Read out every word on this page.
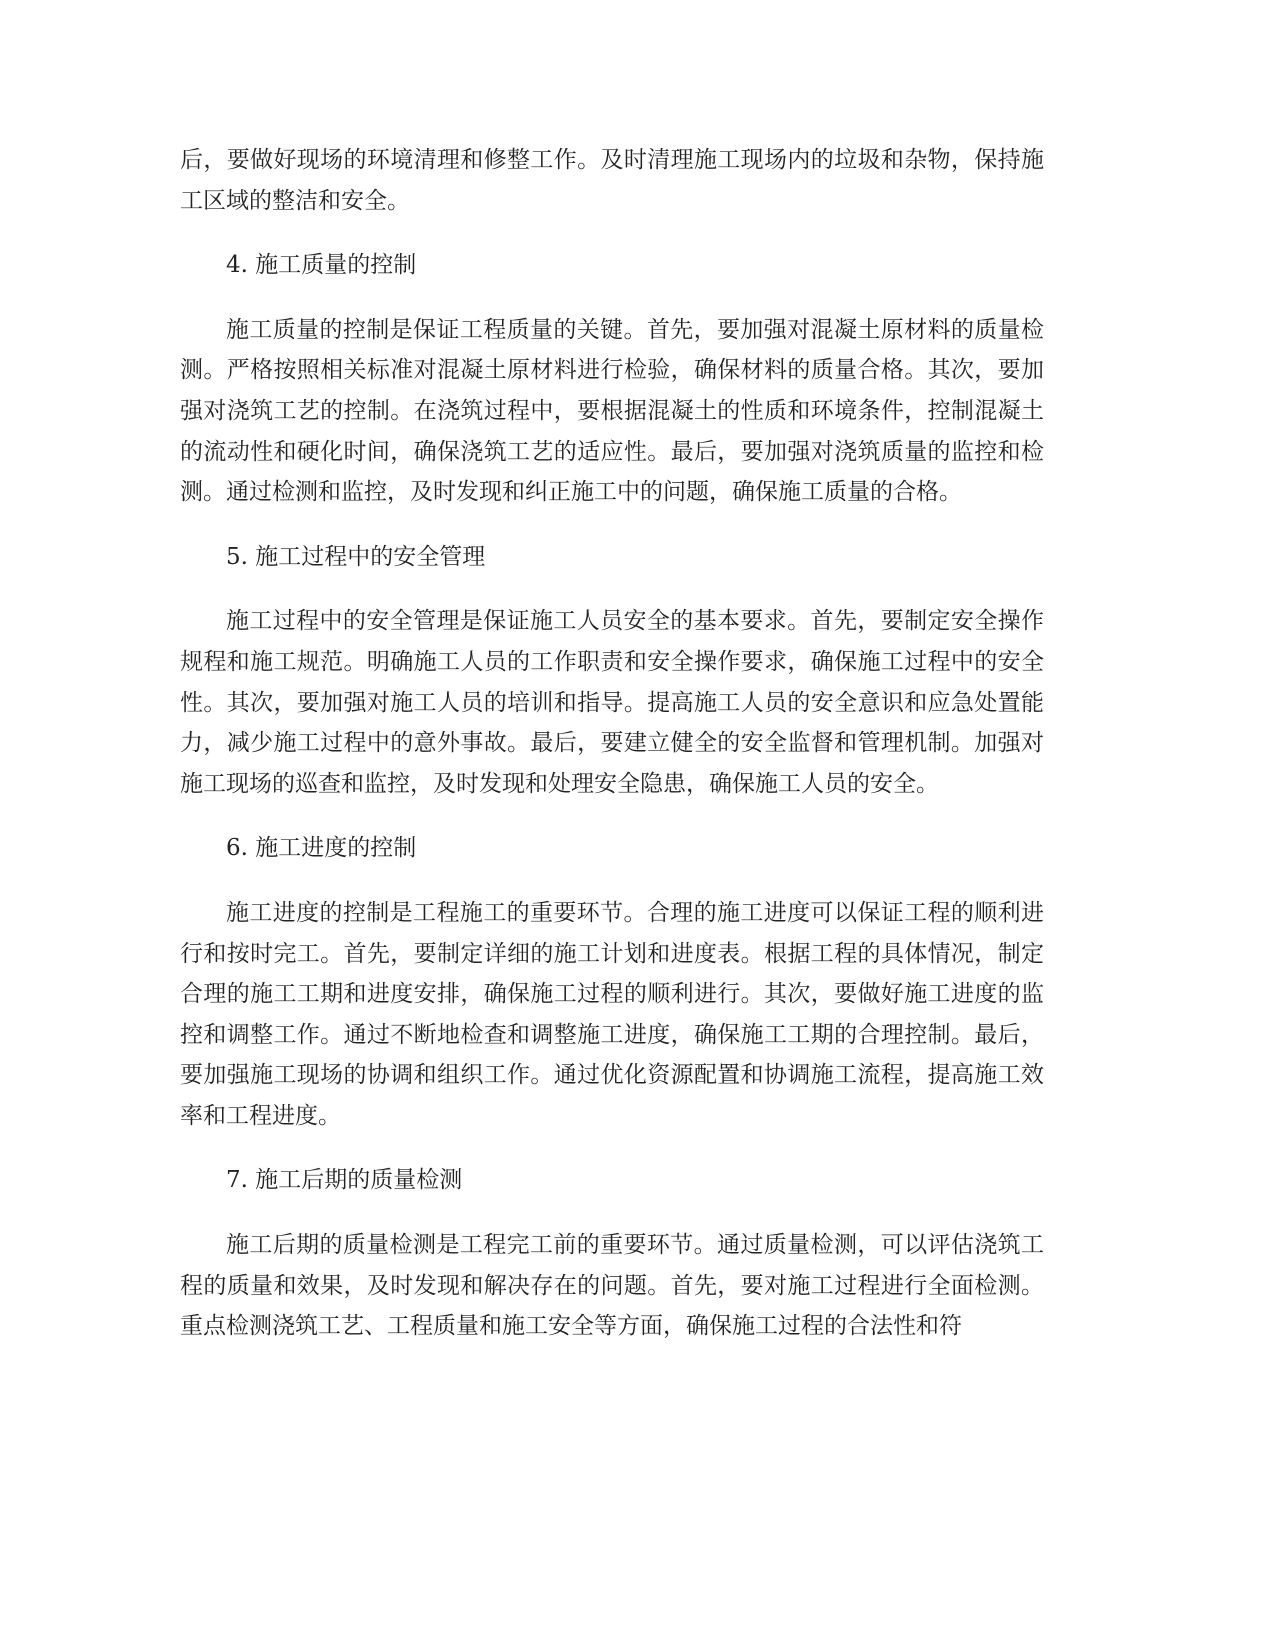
后，要做好现场的环境清理和修整工作。及时清理施工现场内的垃圾和杂物，保持施工区域的整洁和安全。

4. 施工质量的控制

施工质量的控制是保证工程质量的关键。首先，要加强对混凝土原材料的质量检测。严格按照相关标准对混凝土原材料进行检验，确保材料的质量合格。其次，要加强对浇筑工艺的控制。在浇筑过程中，要根据混凝土的性质和环境条件，控制混凝土的流动性和硬化时间，确保浇筑工艺的适应性。最后，要加强对浇筑质量的监控和检测。通过检测和监控，及时发现和纠正施工中的问题，确保施工质量的合格。

5. 施工过程中的安全管理

施工过程中的安全管理是保证施工人员安全的基本要求。首先，要制定安全操作规程和施工规范。明确施工人员的工作职责和安全操作要求，确保施工过程中的安全性。其次，要加强对施工人员的培训和指导。提高施工人员的安全意识和应急处置能力，减少施工过程中的意外事故。最后，要建立健全的安全监督和管理机制。加强对施工现场的巡查和监控，及时发现和处理安全隐患，确保施工人员的安全。

6. 施工进度的控制

施工进度的控制是工程施工的重要环节。合理的施工进度可以保证工程的顺利进行和按时完工。首先，要制定详细的施工计划和进度表。根据工程的具体情况，制定合理的施工工期和进度安排，确保施工过程的顺利进行。其次，要做好施工进度的监控和调整工作。通过不断地检查和调整施工进度，确保施工工期的合理控制。最后，要加强施工现场的协调和组织工作。通过优化资源配置和协调施工流程，提高施工效率和工程进度。

7. 施工后期的质量检测

施工后期的质量检测是工程完工前的重要环节。通过质量检测，可以评估浇筑工程的质量和效果，及时发现和解决存在的问题。首先，要对施工过程进行全面检测。重点检测浇筑工艺、工程质量和施工安全等方面，确保施工过程的合法性和符
